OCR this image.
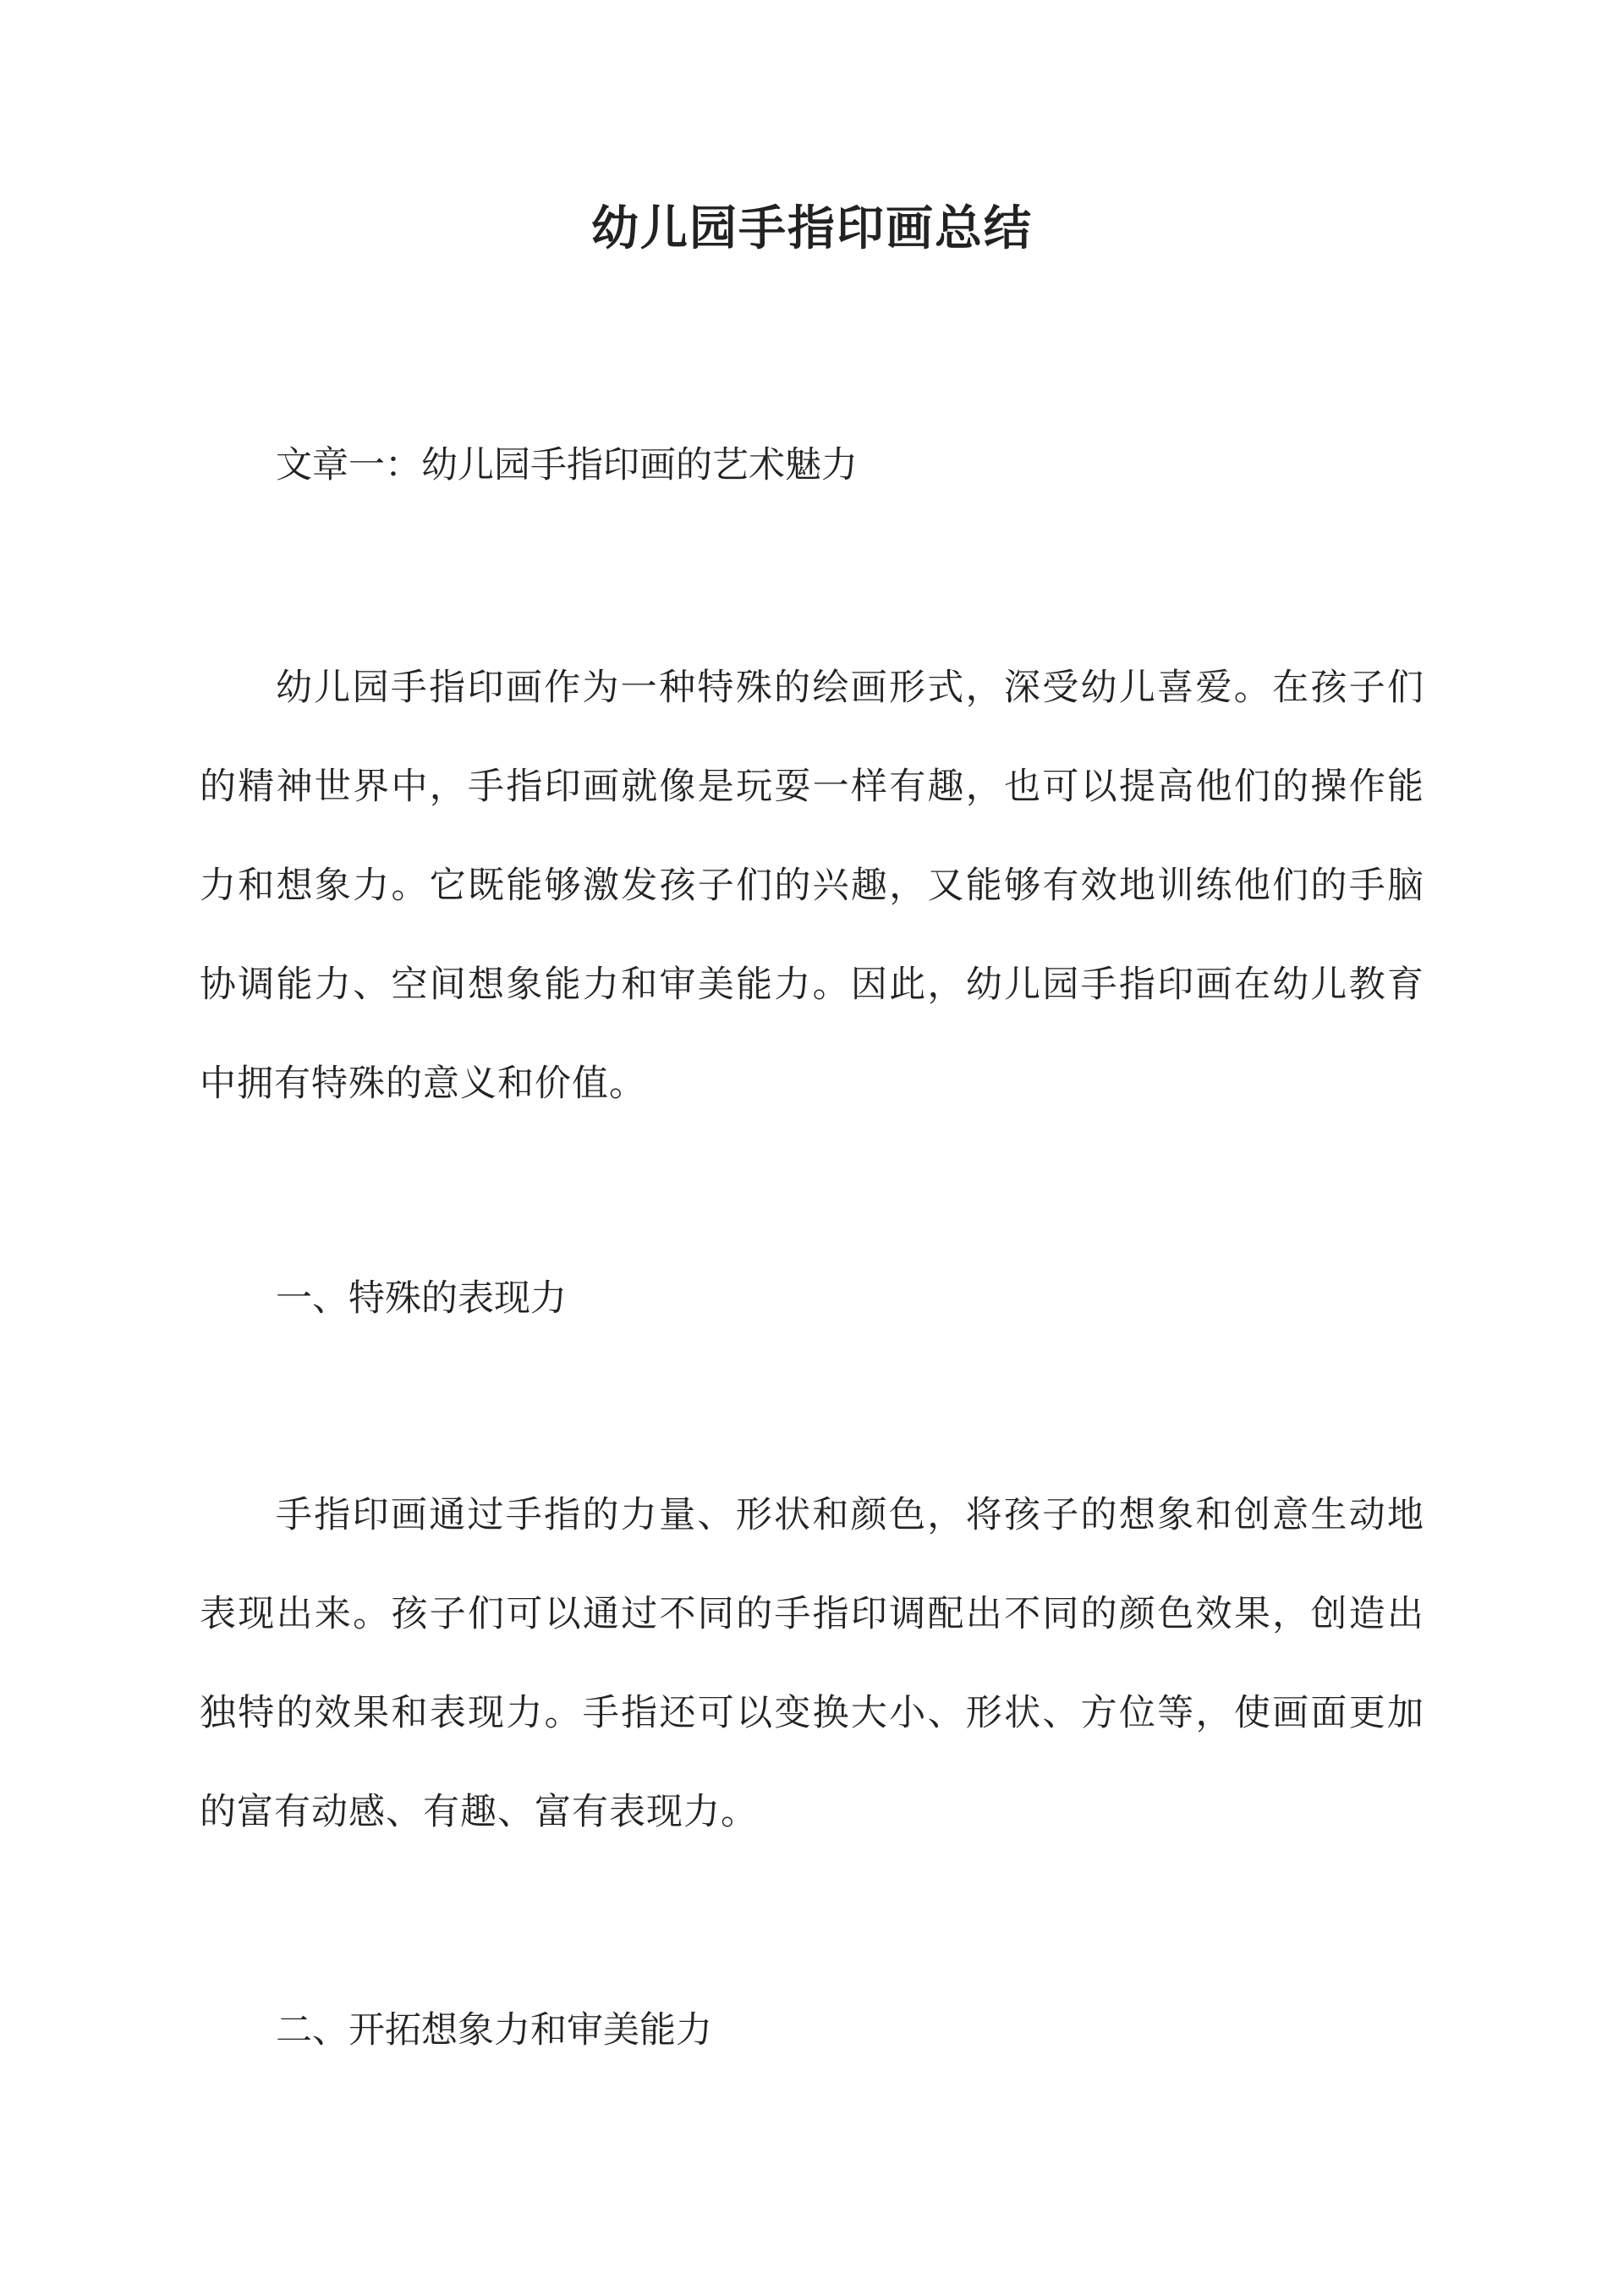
幼儿园手指印画总结

文章一：幼儿园手指印画的艺术魅力

幼儿园手指印画作为一种特殊的绘画形式，深受幼儿喜爱。在孩子们的精神世界中，手指印画就像是玩耍一样有趣，也可以提高他们的操作能力和想象力。它既能够激发孩子们的兴趣，又能够有效地训练他们的手脑协调能力、空间想象能力和审美能力。因此，幼儿园手指印画在幼儿教育中拥有特殊的意义和价值。

一、特殊的表现力

手指印画通过手指的力量、形状和颜色，将孩子的想象和创意生动地表现出来。孩子们可以通过不同的手指印调配出不同的颜色效果，创造出独特的效果和表现力。手指还可以变换大小、形状、方位等，使画面更加的富有动感、有趣、富有表现力。

二、开拓想象力和审美能力
